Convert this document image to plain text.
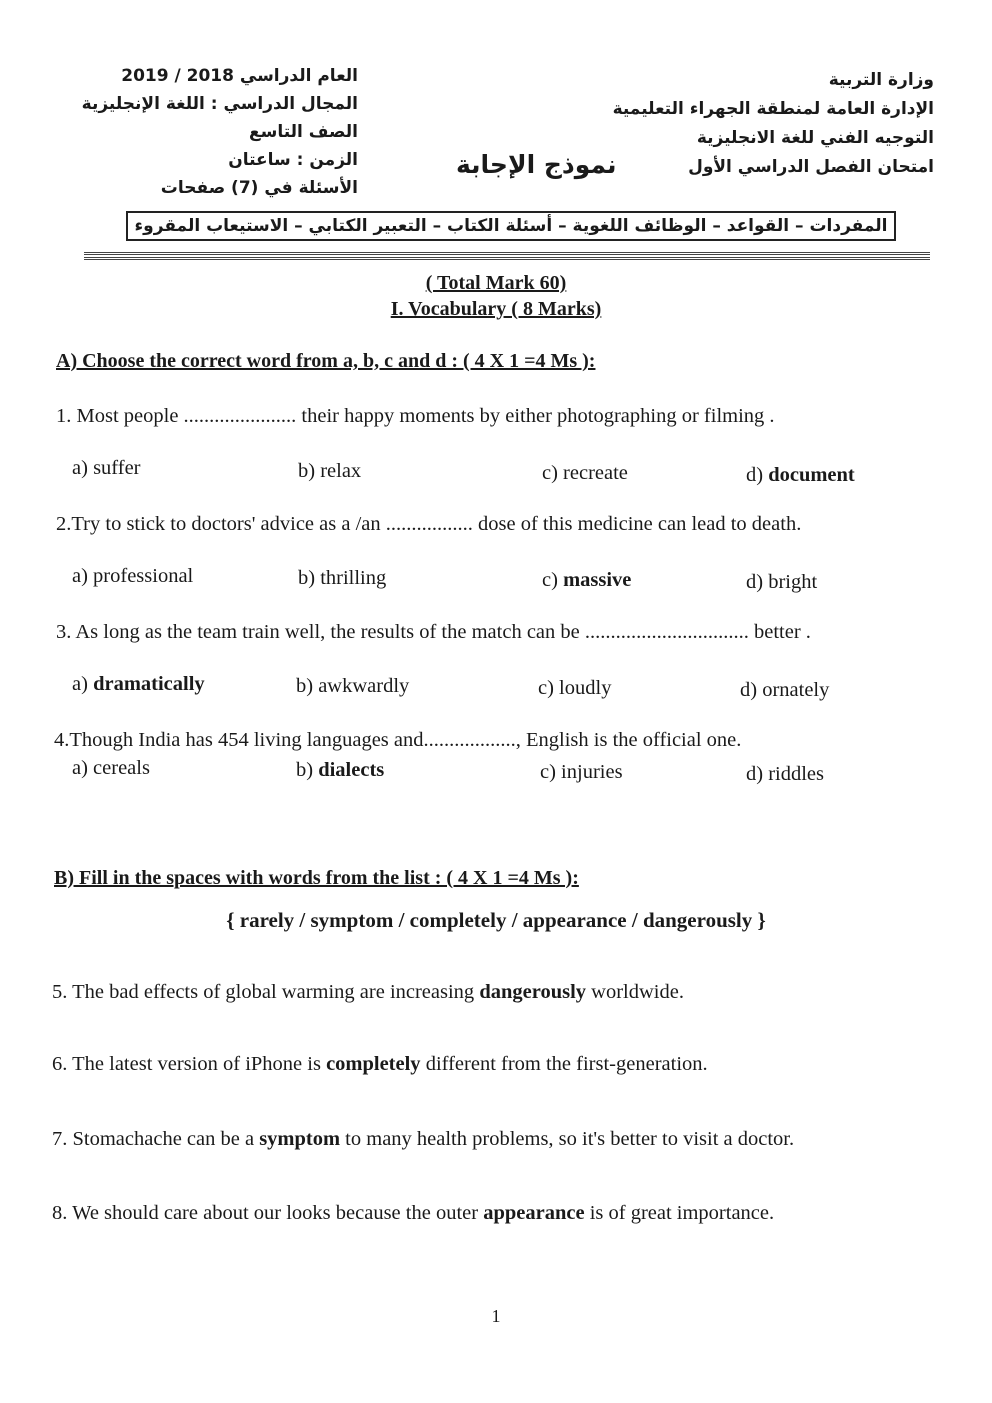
وزارة التربية
الإدارة العامة لمنطقة الجهراء التعليمية
التوجيه الفني للغة الانجليزية
امتحان الفصل الدراسي الأول
العام الدراسي 2018 / 2019
المجال الدراسي : اللغة الإنجليزية
الصف التاسع
الزمن : ساعتان
الأسئلة في (7) صفحات
نموذج الإجابة
المفردات – القواعد – الوظائف اللغوية – أسئلة الكتاب – التعبير الكتابي – الاستيعاب المقروء
( Total Mark 60)
I. Vocabulary ( 8 Marks)
A) Choose the correct word from a, b, c and d : ( 4 X 1 =4 Ms ):
1. Most people ...................... their happy moments by either photographing or filming .
a) suffer	b) relax	c) recreate	d) document
2.Try to stick to doctors' advice as a /an ................. dose of this medicine can lead to death.
a) professional	b) thrilling	c) massive	d) bright
3. As long as the team train well, the results of the match can be ................................ better .
a) dramatically	b) awkwardly	c) loudly	d) ornately
4.Though India has 454 living languages and.................., English is the official one.
a) cereals	b) dialects	c) injuries	d) riddles
B) Fill in the spaces with words from the list : ( 4 X 1 =4 Ms ):
{ rarely / symptom / completely / appearance / dangerously }
5. The bad effects of global warming are increasing dangerously worldwide.
6. The latest version of iPhone is completely different from the first-generation.
7. Stomachache can be a symptom to many health problems, so it's better to visit a doctor.
8. We should care about our looks because the outer appearance is of great importance.
1
